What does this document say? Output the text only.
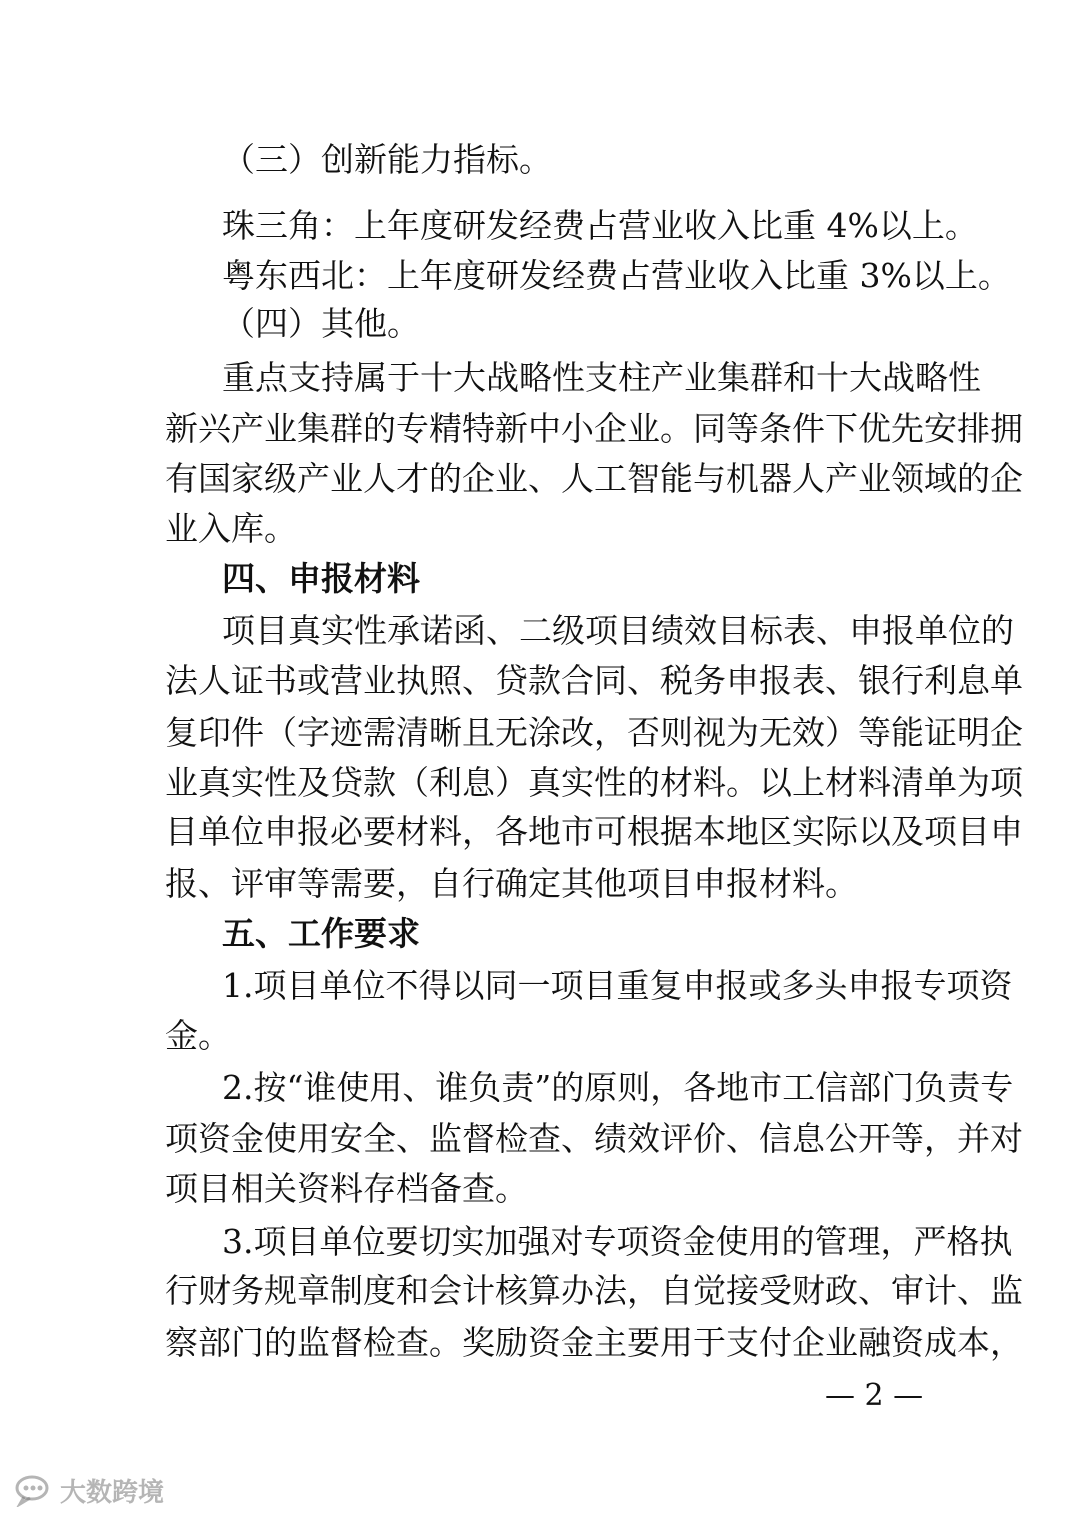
（三）创新能力指标。
珠三角：上年度研发经费占营业收入比重 4%以上。
粤东西北：上年度研发经费占营业收入比重 3%以上。
（四）其他。
重点支持属于十大战略性支柱产业集群和十大战略性
新兴产业集群的专精特新中小企业。同等条件下优先安排拥
有国家级产业人才的企业、人工智能与机器人产业领域的企
业入库。
四、申报材料
项目真实性承诺函、二级项目绩效目标表、申报单位的
法人证书或营业执照、贷款合同、税务申报表、银行利息单
复印件（字迹需清晰且无涂改，否则视为无效）等能证明企
业真实性及贷款（利息）真实性的材料。以上材料清单为项
目单位申报必要材料，各地市可根据本地区实际以及项目申
报、评审等需要，自行确定其他项目申报材料。
五、工作要求
1.项目单位不得以同一项目重复申报或多头申报专项资
金。
2.按“谁使用、谁负责”的原则，各地市工信部门负责专
项资金使用安全、监督检查、绩效评价、信息公开等，并对
项目相关资料存档备查。
3.项目单位要切实加强对专项资金使用的管理，严格执
行财务规章制度和会计核算办法，自觉接受财政、审计、监
察部门的监督检查。奖励资金主要用于支付企业融资成本，
— 2 —
大数跨境
